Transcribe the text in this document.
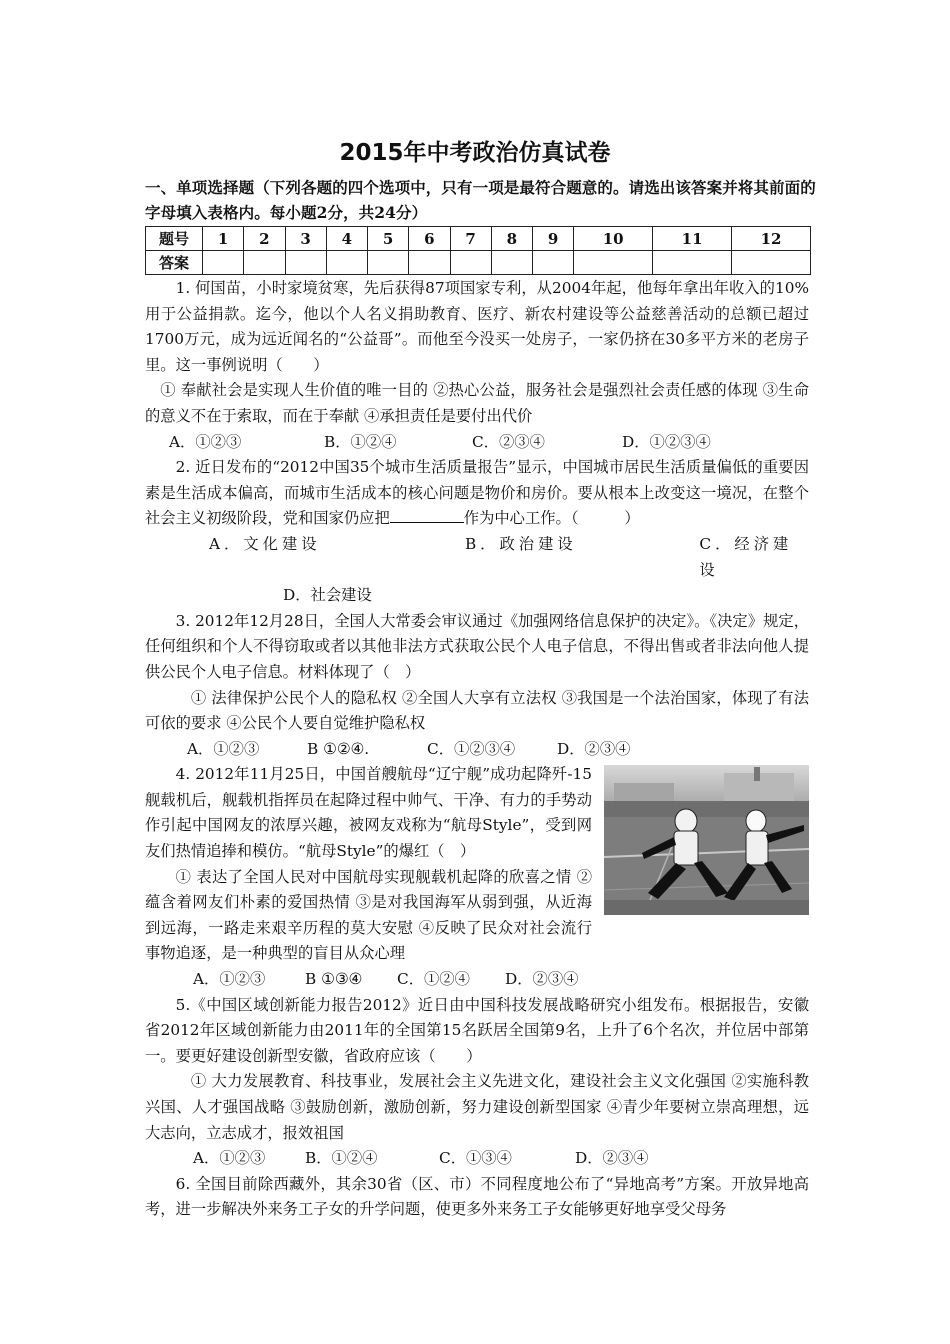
2015年中考政治仿真试卷
一、单项选择题（下列各题的四个选项中，只有一项是最符合题意的。请选出该答案并将其前面的字母填入表格内。每小题2分，共24分）
题号	1	2	3	4	5	6	7	8	9	10	11	12
答案												

1. 何国苗，小时家境贫寒，先后获得87项国家专利，从2004年起，他每年拿出年收入的10%用于公益捐款。迄今，他以个人名义捐助教育、医疗、新农村建设等公益慈善活动的总额已超过1700万元，成为远近闻名的“公益哥”。而他至今没买一处房子，一家仍挤在30多平方米的老房子里。这一事例说明（　　）

① 奉献社会是实现人生价值的唯一目的 ②热心公益，服务社会是强烈社会责任感的体现 ③生命的意义不在于索取，而在于奉献 ④承担责任是要付出代价

A．①②③	B．①②④	C．②③④	D．①②③④

2. 近日发布的“2012中国35个城市生活质量报告”显示，中国城市居民生活质量偏低的重要因素是生活成本偏高，而城市生活成本的核心问题是物价和房价。要从根本上改变这一境况，在整个社会主义初级阶段，党和国家仍应把	作为中心工作。（　　　）

A．文化建设	B．政治建设	C．经济建设
D．社会建设

3. 2012年12月28日，全国人大常委会审议通过《加强网络信息保护的决定》。《决定》规定，任何组织和个人不得窃取或者以其他非法方式获取公民个人电子信息，不得出售或者非法向他人提供公民个人电子信息。材料体现了（　）

① 法律保护公民个人的隐私权 ②全国人大享有立法权 ③我国是一个法治国家，体现了有法可依的要求 ④公民个人要自觉维护隐私权

A．①②③	B ①②④.	C．①②③④	D．②③④

4. 2012年11月25日，中国首艘航母“辽宁舰”成功起降歼-15舰载机后，舰载机指挥员在起降过程中帅气、干净、有力的手势动作引起中国网友的浓厚兴趣，被网友戏称为“航母Style”，受到网友们热情追捧和模仿。“航母Style”的爆红（　）

① 表达了全国人民对中国航母实现舰载机起降的欣喜之情 ②蕴含着网友们朴素的爱国热情 ③是对我国海军从弱到强，从近海到远海，一路走来艰辛历程的莫大安慰 ④反映了民众对社会流行事物追逐，是一种典型的盲目从众心理

A．①②③	B ①③④	C．①②④	D．②③④

5.《中国区域创新能力报告2012》近日由中国科技发展战略研究小组发布。根据报告，安徽省2012年区域创新能力由2011年的全国第15名跃居全国第9名，上升了6个名次，并位居中部第一。要更好建设创新型安徽，省政府应该（　　）

① 大力发展教育、科技事业，发展社会主义先进文化，建设社会主义文化强国 ②实施科教兴国、人才强国战略 ③鼓励创新，激励创新，努力建设创新型国家 ④青少年要树立崇高理想，远大志向，立志成才，报效祖国

A．①②③	B．①②④	C．①③④	D．②③④

6. 全国目前除西藏外，其余30省（区、市）不同程度地公布了“异地高考”方案。开放异地高考，进一步解决外来务工子女的升学问题，使更多外来务工子女能够更好地享受父母务
